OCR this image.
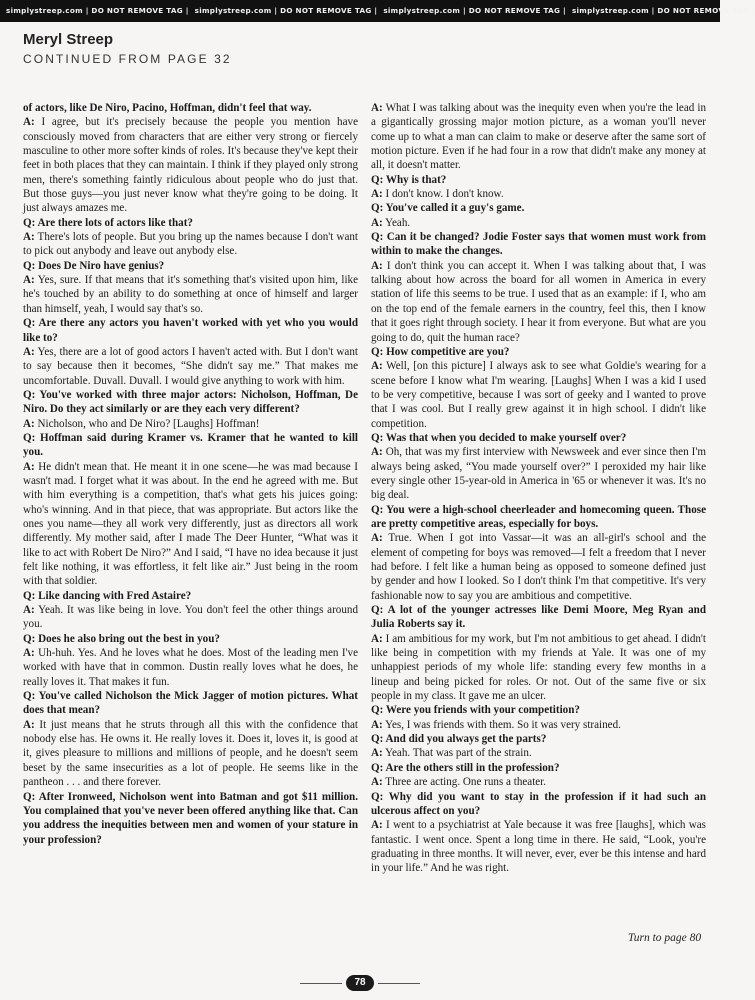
simplystreep.com | DO NOT REMOVE TAG | simplystreep.com | DO NOT REMOVE TAG | simplystreep.com | DO NOT REMOVE TAG | simplystreep.com | DO NOT REMOVE TAG |
Meryl Streep
CONTINUED FROM PAGE 32

of actors, like De Niro, Pacino, Hoffman, didn't feel that way.

A: I agree, but it's precisely because the people you mention have consciously moved from characters that are either very strong or fiercely masculine to other more softer kinds of roles. It's because they've kept their feet in both places that they can maintain. I think if they played only strong men, there's something faintly ridiculous about people who do just that. But those guys—you just never know what they're going to be doing. It just always amazes me.

Q: Are there lots of actors like that?

A: There's lots of people. But you bring up the names because I don't want to pick out anybody and leave out anybody else.

Q: Does De Niro have genius?

A: Yes, sure. If that means that it's something that's visited upon him, like he's touched by an ability to do something at once of himself and larger than himself, yeah, I would say that's so.

Q: Are there any actors you haven't worked with yet who you would like to?

A: Yes, there are a lot of good actors I haven't acted with. But I don't want to say because then it becomes, “She didn't say me.” That makes me uncomfortable. Duvall. Duvall. I would give anything to work with him.

Q: You've worked with three major actors: Nicholson, Hoffman, De Niro. Do they act similarly or are they each very different?

A: Nicholson, who and De Niro? [Laughs] Hoffman!

Q: Hoffman said during Kramer vs. Kramer that he wanted to kill you.

A: He didn't mean that. He meant it in one scene—he was mad because I wasn't mad. I forget what it was about. In the end he agreed with me. But with him everything is a competition, that's what gets his juices going: who's winning. And in that piece, that was appropriate. But actors like the ones you name—they all work very differently, just as directors all work differently. My mother said, after I made The Deer Hunter, “What was it like to act with Robert De Niro?” And I said, “I have no idea because it just felt like nothing, it was effortless, it felt like air.” Just being in the room with that soldier.

Q: Like dancing with Fred Astaire?

A: Yeah. It was like being in love. You don't feel the other things around you.

Q: Does he also bring out the best in you?

A: Uh-huh. Yes. And he loves what he does. Most of the leading men I've worked with have that in common. Dustin really loves what he does, he really loves it. That makes it fun.

Q: You've called Nicholson the Mick Jagger of motion pictures. What does that mean?

A: It just means that he struts through all this with the confidence that nobody else has. He owns it. He really loves it. Does it, loves it, is good at it, gives pleasure to millions and millions of people, and he doesn't seem beset by the same insecurities as a lot of people. He seems like in the pantheon . . . and there forever.

Q: After Ironweed, Nicholson went into Batman and got $11 million. You complained that you've never been offered anything like that. Can you address the inequities between men and women of your stature in your profession?

A: What I was talking about was the inequity even when you're the lead in a gigantically grossing major motion picture, as a woman you'll never come up to what a man can claim to make or deserve after the same sort of motion picture. Even if he had four in a row that didn't make any money at all, it doesn't matter.

Q: Why is that?

A: I don't know. I don't know.

Q: You've called it a guy's game.

A: Yeah.

Q: Can it be changed? Jodie Foster says that women must work from within to make the changes.

A: I don't think you can accept it. When I was talking about that, I was talking about how across the board for all women in America in every station of life this seems to be true. I used that as an example: if I, who am on the top end of the female earners in the country, feel this, then I know that it goes right through society. I hear it from everyone. But what are you going to do, quit the human race?

Q: How competitive are you?

A: Well, [on this picture] I always ask to see what Goldie's wearing for a scene before I know what I'm wearing. [Laughs] When I was a kid I used to be very competitive, because I was sort of geeky and I wanted to prove that I was cool. But I really grew against it in high school. I didn't like competition.

Q: Was that when you decided to make yourself over?

A: Oh, that was my first interview with Newsweek and ever since then I'm always being asked, “You made yourself over?” I peroxided my hair like every single other 15-year-old in America in '65 or whenever it was. It's no big deal.

Q: You were a high-school cheerleader and homecoming queen. Those are pretty competitive areas, especially for boys.

A: True. When I got into Vassar—it was an all-girl's school and the element of competing for boys was removed—I felt a freedom that I never had before. I felt like a human being as opposed to someone defined just by gender and how I looked. So I don't think I'm that competitive. It's very fashionable now to say you are ambitious and competitive.

Q: A lot of the younger actresses like Demi Moore, Meg Ryan and Julia Roberts say it.

A: I am ambitious for my work, but I'm not ambitious to get ahead. I didn't like being in competition with my friends at Yale. It was one of my unhappiest periods of my whole life: standing every few months in a lineup and being picked for roles. Or not. Out of the same five or six people in my class. It gave me an ulcer.

Q: Were you friends with your competition?

A: Yes, I was friends with them. So it was very strained.

Q: And did you always get the parts?

A: Yeah. That was part of the strain.

Q: Are the others still in the profession?

A: Three are acting. One runs a theater.

Q: Why did you want to stay in the profession if it had such an ulcerous affect on you?

A: I went to a psychiatrist at Yale because it was free [laughs], which was fantastic. I went once. Spent a long time in there. He said, “Look, you're graduating in three months. It will never, ever, ever be this intense and hard in your life.” And he was right.

Turn to page 80
78
